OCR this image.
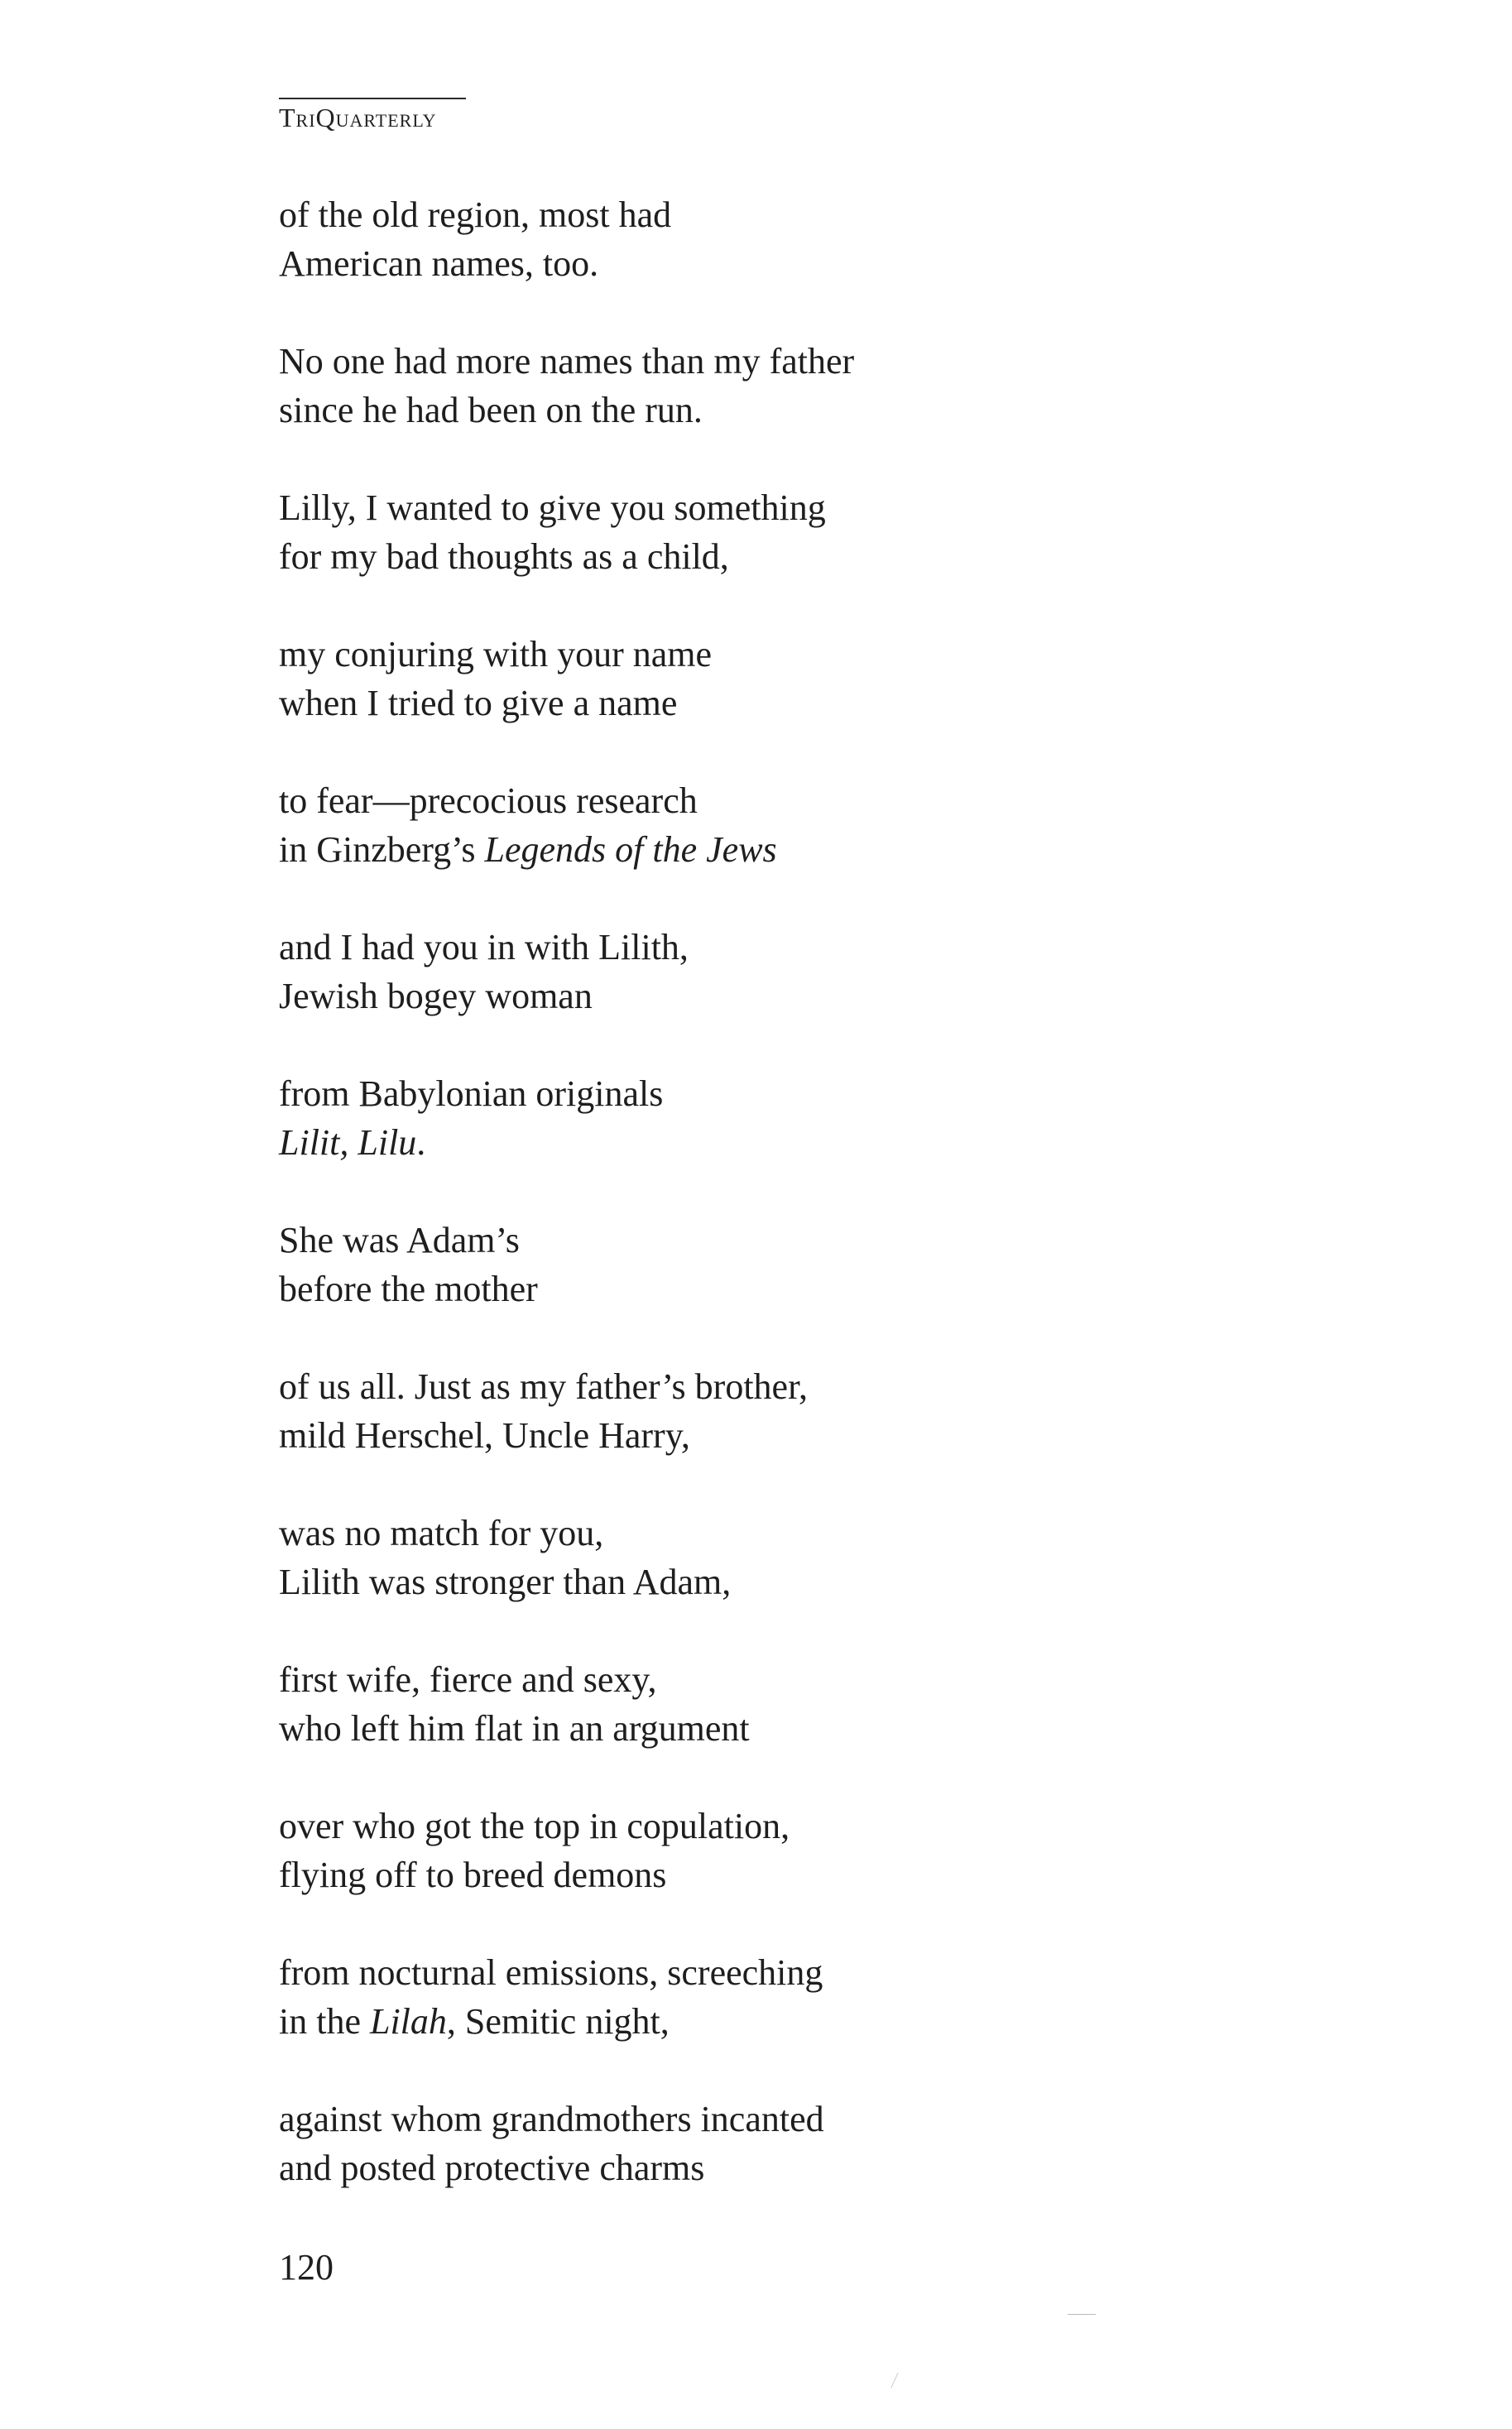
TriQuarterly
of the old region, most had
American names, too.
No one had more names than my father
since he had been on the run.
Lilly, I wanted to give you something
for my bad thoughts as a child,
my conjuring with your name
when I tried to give a name
to fear—precocious research
in Ginzberg’s Legends of the Jews
and I had you in with Lilith,
Jewish bogey woman
from Babylonian originals
Lilit, Lilu.
She was Adam’s
before the mother
of us all. Just as my father’s brother,
mild Herschel, Uncle Harry,
was no match for you,
Lilith was stronger than Adam,
first wife, fierce and sexy,
who left him flat in an argument
over who got the top in copulation,
flying off to breed demons
from nocturnal emissions, screeching
in the Lilah, Semitic night,
against whom grandmothers incanted
and posted protective charms
120
